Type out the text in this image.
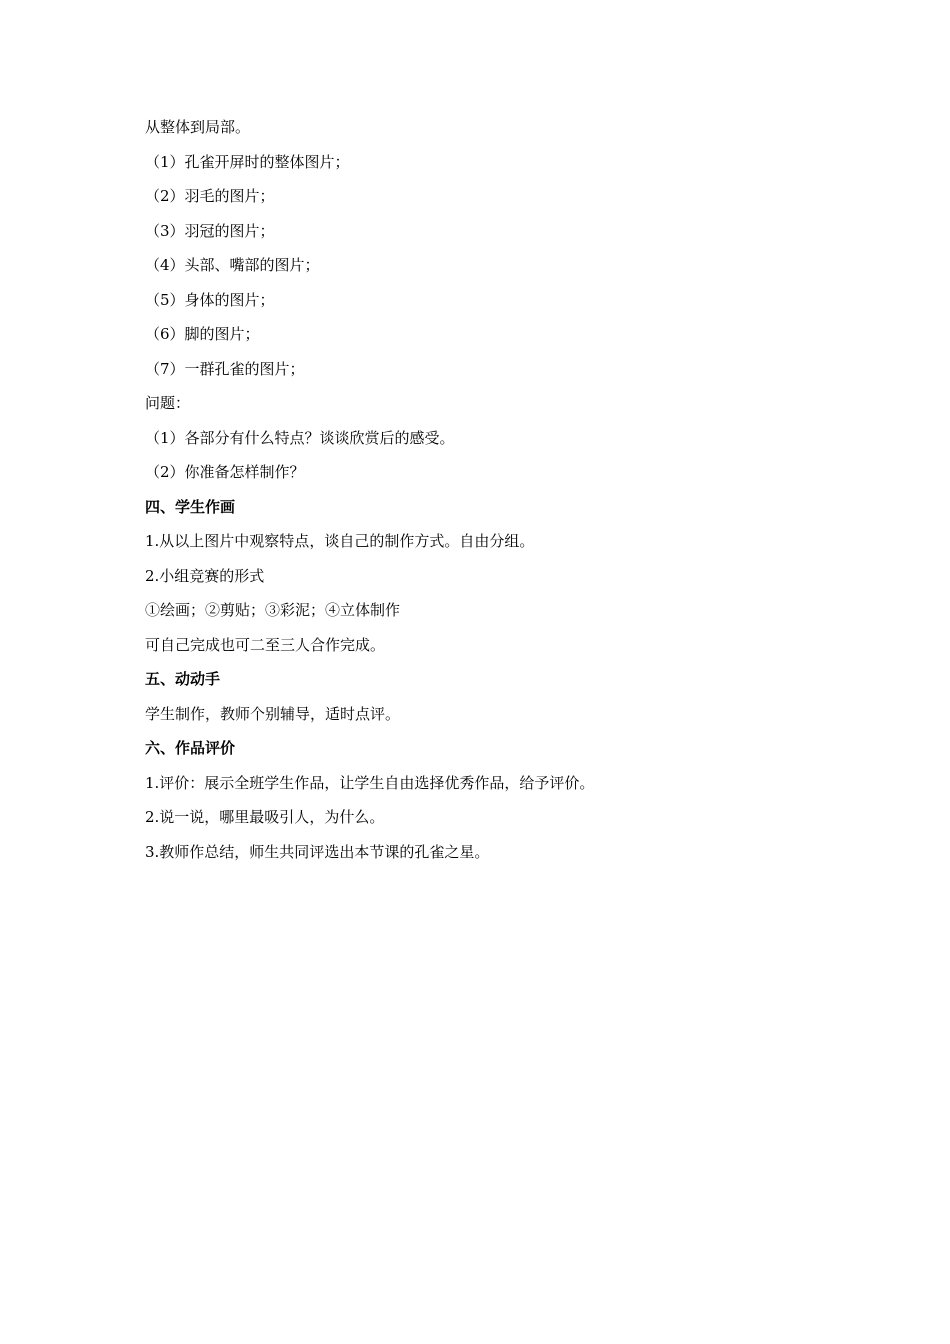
从整体到局部。
（1）孔雀开屏时的整体图片；
（2）羽毛的图片；
（3）羽冠的图片；
（4）头部、嘴部的图片；
（5）身体的图片；
（6）脚的图片；
（7）一群孔雀的图片；
问题：
（1）各部分有什么特点？谈谈欣赏后的感受。
（2）你准备怎样制作？
四、学生作画
1.从以上图片中观察特点，谈自己的制作方式。自由分组。
2.小组竞赛的形式
①绘画；②剪贴；③彩泥；④立体制作
可自己完成也可二至三人合作完成。
五、动动手
学生制作，教师个别辅导，适时点评。
六、作品评价
1.评价：展示全班学生作品，让学生自由选择优秀作品，给予评价。
2.说一说，哪里最吸引人，为什么。
3.教师作总结，师生共同评选出本节课的孔雀之星。
